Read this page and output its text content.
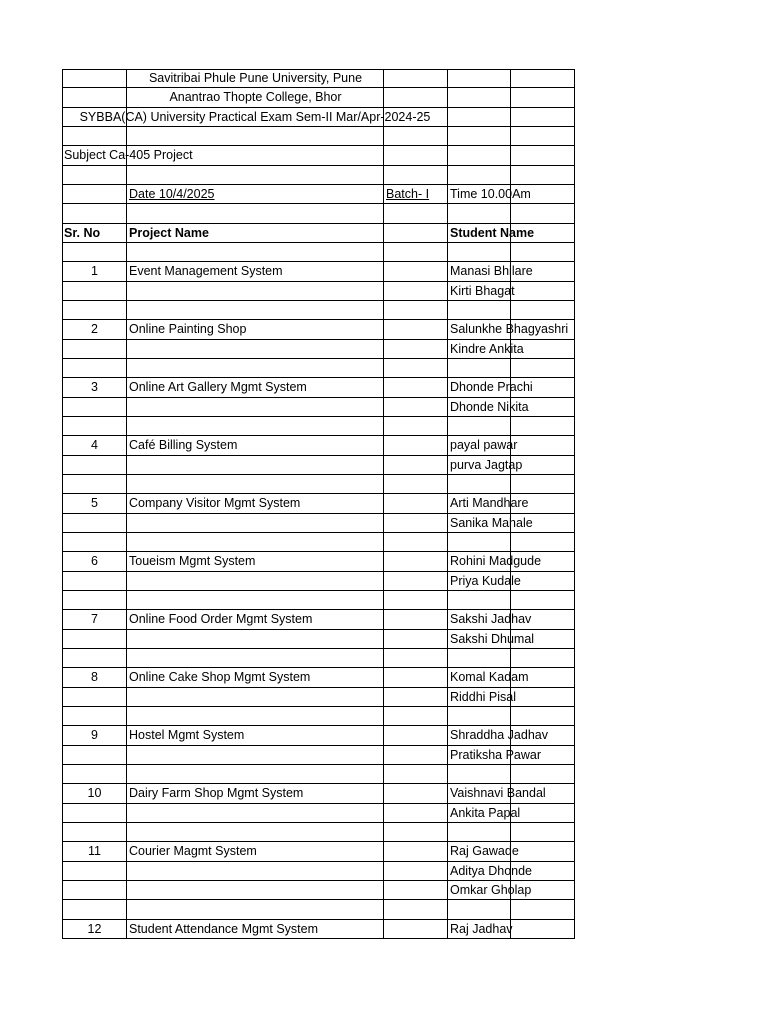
Savitribai Phule Pune University, Pune
Anantrao Thopte College, Bhor
SYBBA(CA) University Practical Exam Sem-II Mar/Apr-2024-25
Subject Ca-405 Project
Date 10/4/2025	Batch- I Time 10.00Am
Sr. No Project Name	Student Name
1	Event Management System	Manasi Bhilare
Kirti Bhagat
2	Online Painting Shop	Salunkhe Bhagyashri
Kindre Ankita
3	Online Art Gallery Mgmt System	Dhonde Prachi
Dhonde Nikita
4	Café Billing System	payal pawar
purva Jagtap
5	Company Visitor Mgmt System	Arti Mandhare
Sanika Mahale
6	Toueism Mgmt System	Rohini Madgude
Priya Kudale
7	Online Food Order Mgmt System	Sakshi Jadhav
Sakshi Dhumal
8	Online Cake Shop Mgmt System	Komal Kadam
Riddhi Pisal
9	Hostel Mgmt System	Shraddha Jadhav
Pratiksha Pawar
10	Dairy Farm Shop Mgmt System	Vaishnavi Bandal
Ankita Papal
11	Courier Magmt System	Raj Gawade
Aditya Dhonde
Omkar Gholap
12	Student Attendance Mgmt System	Raj Jadhav
